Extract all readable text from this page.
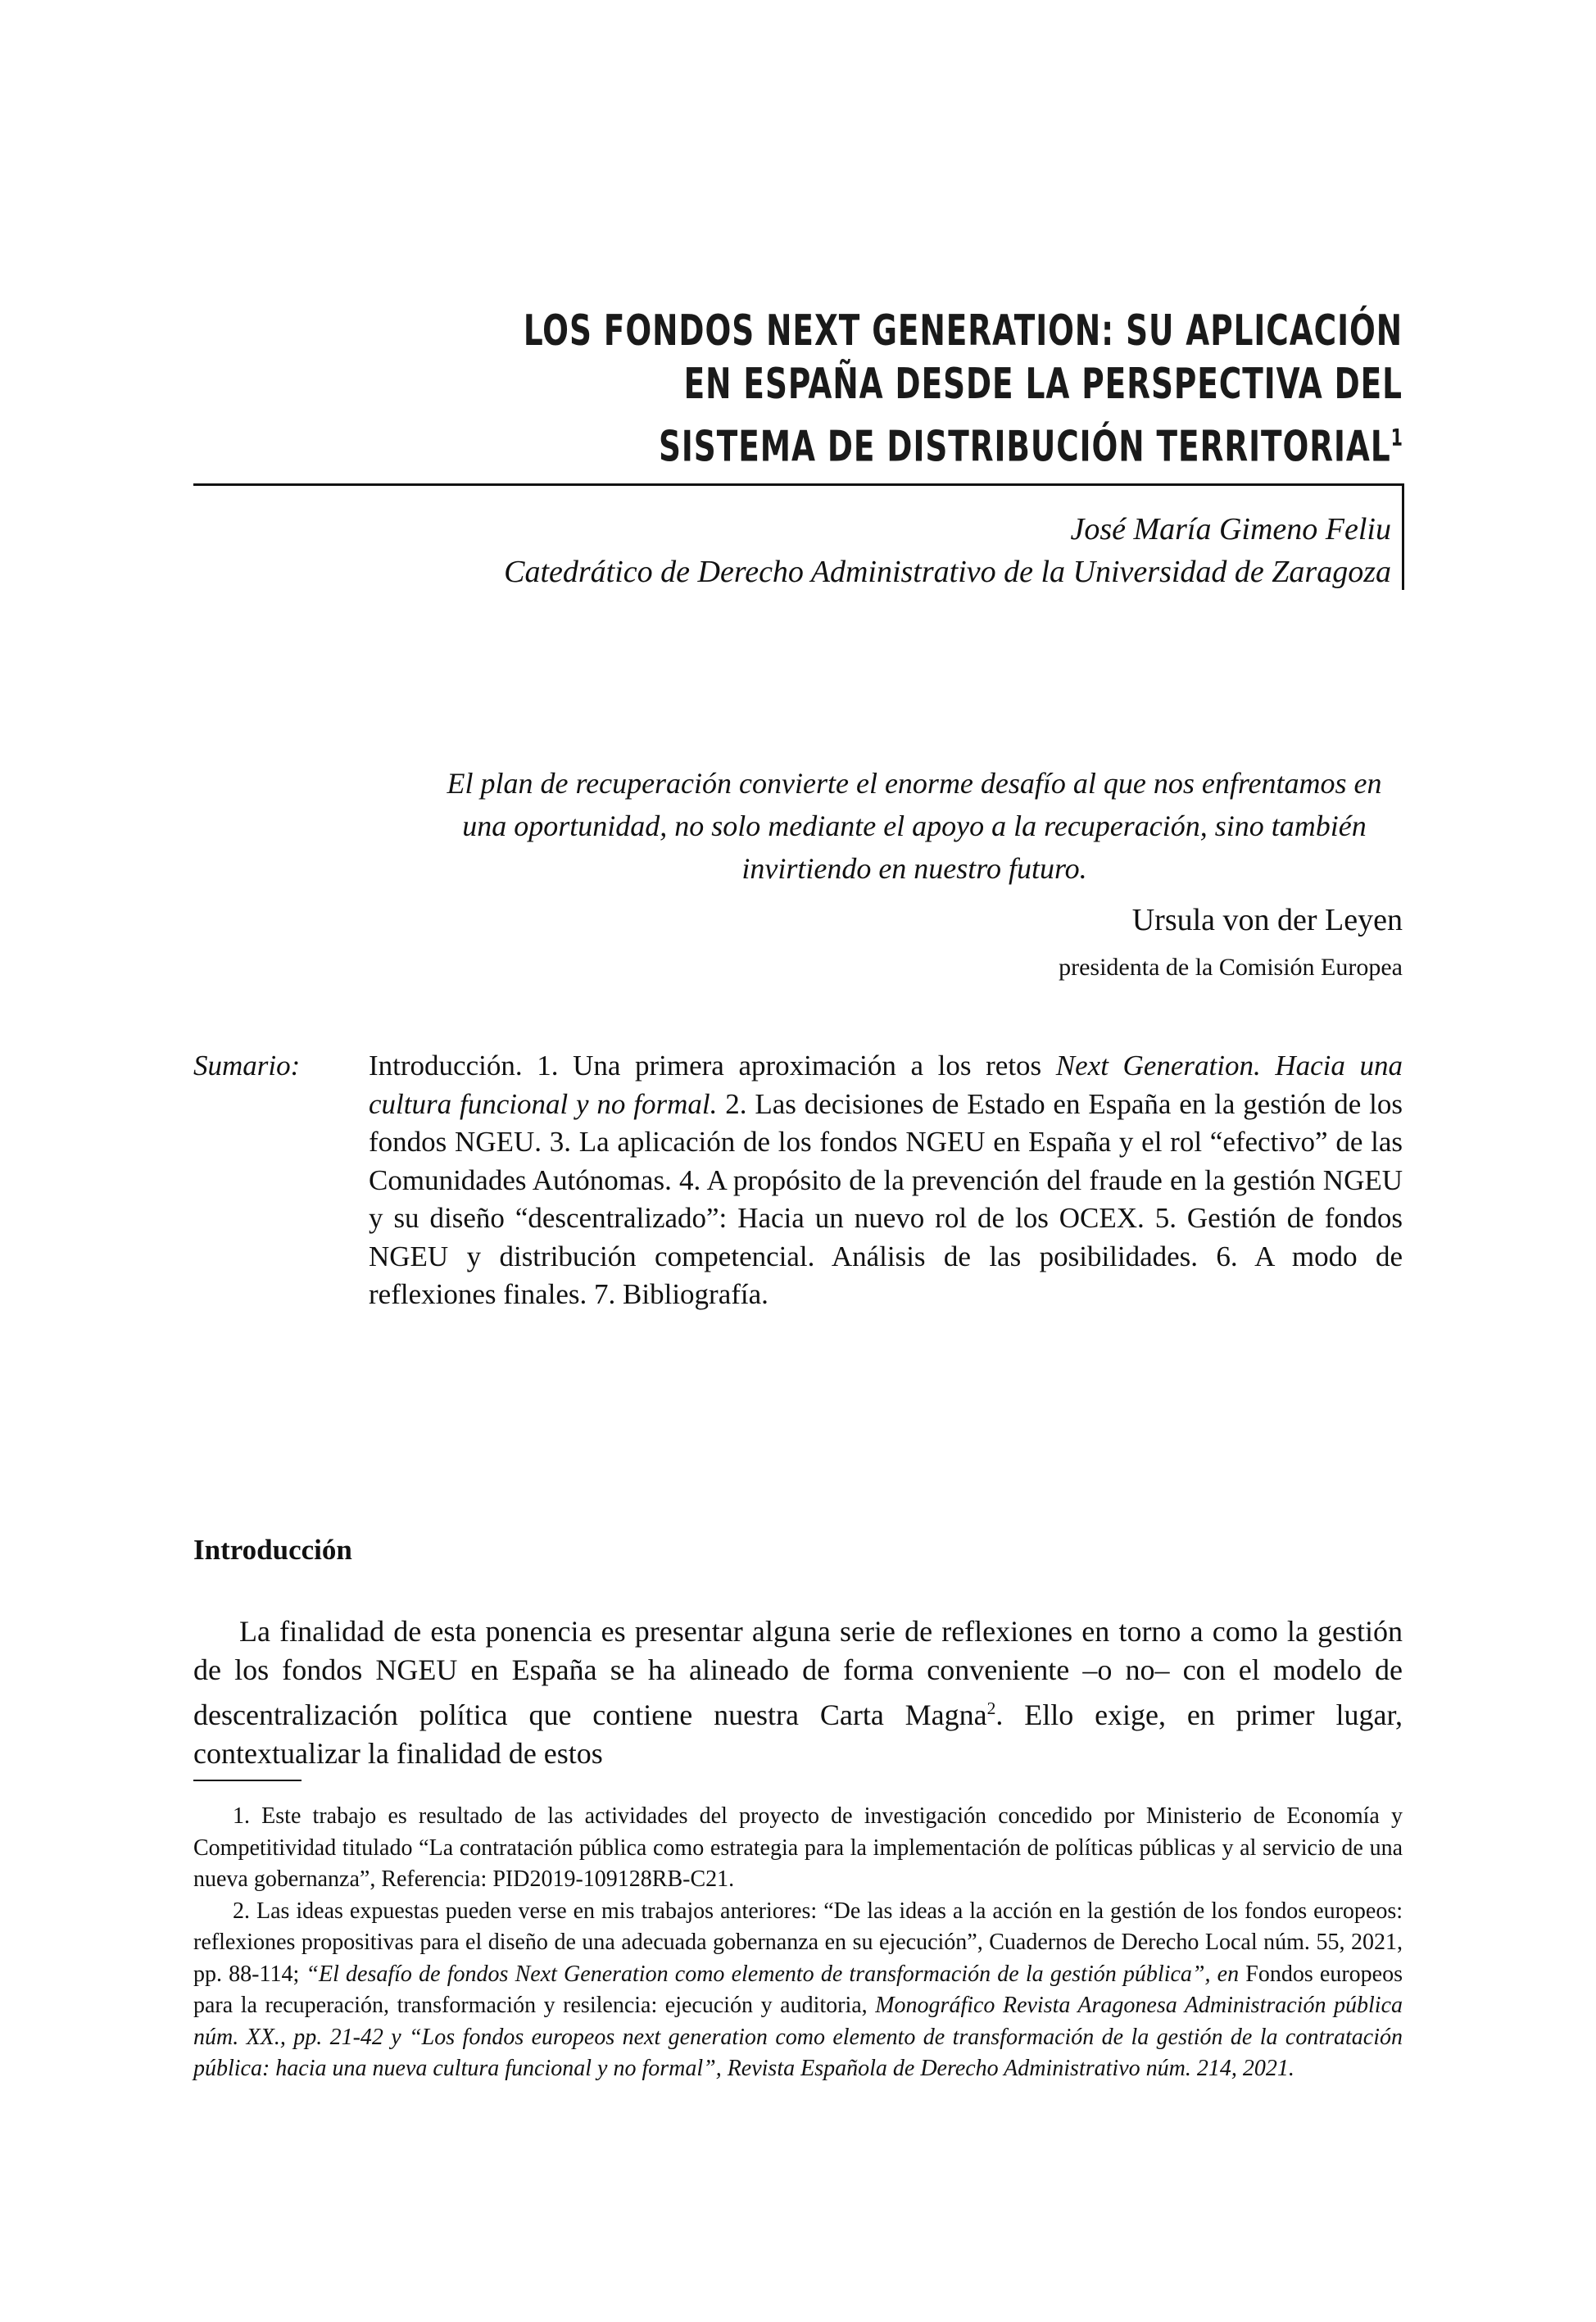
LOS FONDOS NEXT GENERATION: SU APLICACIÓN
EN ESPAÑA DESDE LA PERSPECTIVA DEL
SISTEMA DE DISTRIBUCIÓN TERRITORIAL$^1$
José María Gimeno Feliu
Catedrático de Derecho Administrativo de la Universidad de Zaragoza
El plan de recuperación convierte el enorme desafío al que nos enfrentamos en una oportunidad, no solo mediante el apoyo a la recuperación, sino también invirtiendo en nuestro futuro.
Ursula von der Leyen
presidenta de la Comisión Europea
Sumario:	Introducción. 1. Una primera aproximación a los retos Next Generation. Hacia una cultura funcional y no formal. 2. Las decisiones de Estado en España en la gestión de los fondos NGEU. 3. La aplicación de los fondos NGEU en España y el rol “efectivo” de las Comunidades Autónomas. 4. A propósito de la prevención del fraude en la gestión NGEU y su diseño “descentralizado”: Hacia un nuevo rol de los OCEX. 5. Gestión de fondos NGEU y distribución competencial. Análisis de las posibilidades. 6. A modo de reflexiones finales. 7. Bibliografía.
Introducción

La finalidad de esta ponencia es presentar alguna serie de reflexiones en torno a como la gestión de los fondos NGEU en España se ha alineado de forma conveniente –o no– con el modelo de descentralización política que contiene nuestra Carta Magna$^2$. Ello exige, en primer lugar, contextualizar la finalidad de estos

1. Este trabajo es resultado de las actividades del proyecto de investigación concedido por Ministerio de Economía y Competitividad titulado “La contratación pública como estrategia para la implementación de políticas públicas y al servicio de una nueva gobernanza”, Referencia: PID2019-109128RB-C21.

2. Las ideas expuestas pueden verse en mis trabajos anteriores: “De las ideas a la acción en la gestión de los fondos europeos: reflexiones propositivas para el diseño de una adecuada gobernanza en su ejecución”, Cuadernos de Derecho Local núm. 55, 2021, pp. 88-114; “El desafío de fondos Next Generation como elemento de transformación de la gestión pública”, en Fondos europeos para la recuperación, transformación y resilencia: ejecución y auditoria, Monográfico Revista Aragonesa Administración pública núm. XX., pp. 21-42 y “Los fondos europeos next generation como elemento de transformación de la gestión de la contratación pública: hacia una nueva cultura funcional y no formal”, Revista Española de Derecho Administrativo núm. 214, 2021.
